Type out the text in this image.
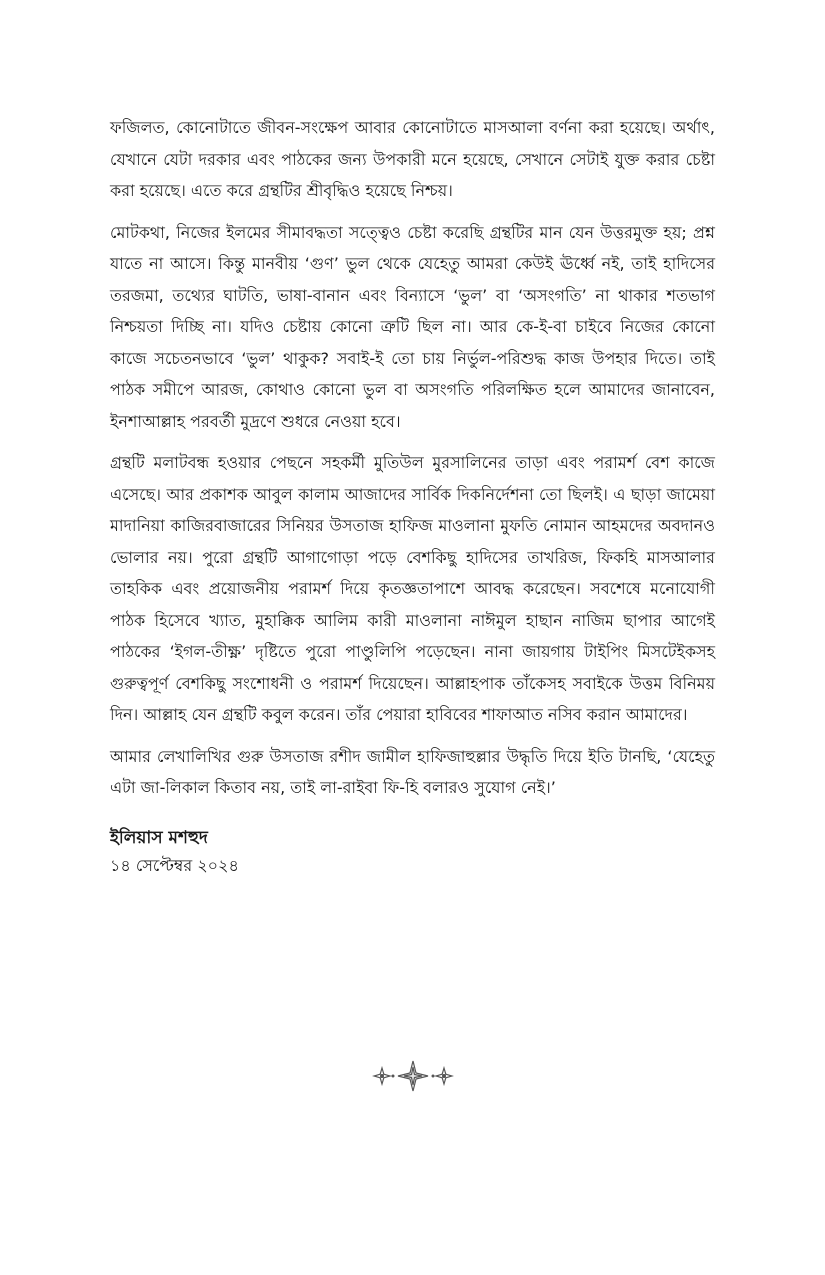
ফজিলত, কোনোটাতে জীবন-সংক্ষেপ আবার কোনোটাতে মাসআলা বর্ণনা করা হয়েছে। অর্থাৎ, যেখানে যেটা দরকার এবং পাঠকের জন্য উপকারী মনে হয়েছে, সেখানে সেটাই যুক্ত করার চেষ্টা করা হয়েছে। এতে করে গ্রন্থটির শ্রীবৃদ্ধিও হয়েছে নিশ্চয়।

মোটকথা, নিজের ইলমের সীমাবদ্ধতা সত্ত্বেও চেষ্টা করেছি গ্রন্থটির মান যেন উত্তরমুক্ত হয়; প্রশ্ন যাতে না আসে। কিন্তু মানবীয় ‘গুণ’ ভুল থেকে যেহেতু আমরা কেউই ঊর্ধ্বে নই, তাই হাদিসের তরজমা, তথ্যের ঘাটতি, ভাষা-বানান এবং বিন্যাসে ‘ভুল’ বা ‘অসংগতি’ না থাকার শতভাগ নিশ্চয়তা দিচ্ছি না। যদিও চেষ্টায় কোনো ত্রুটি ছিল না। আর কে-ই-বা চাইবে নিজের কোনো কাজে সচেতনভাবে ‘ভুল’ থাকুক? সবাই-ই তো চায় নির্ভুল-পরিশুদ্ধ কাজ উপহার দিতে। তাই পাঠক সমীপে আরজ, কোথাও কোনো ভুল বা অসংগতি পরিলক্ষিত হলে আমাদের জানাবেন, ইনশাআল্লাহ পরবর্তী মুদ্রণে শুধরে নেওয়া হবে।

গ্রন্থটি মলাটবন্ধ হওয়ার পেছনে সহকর্মী মুতিউল মুরসালিনের তাড়া এবং পরামর্শ বেশ কাজে এসেছে। আর প্রকাশক আবুল কালাম আজাদের সার্বিক দিকনির্দেশনা তো ছিলই। এ ছাড়া জামেয়া মাদানিয়া কাজিরবাজারের সিনিয়র উসতাজ হাফিজ মাওলানা মুফতি নোমান আহমদের অবদানও ভোলার নয়। পুরো গ্রন্থটি আগাগোড়া পড়ে বেশকিছু হাদিসের তাখরিজ, ফিকহি মাসআলার তাহকিক এবং প্রয়োজনীয় পরামর্শ দিয়ে কৃতজ্ঞতাপাশে আবদ্ধ করেছেন। সবশেষে মনোযোগী পাঠক হিসেবে খ্যাত, মুহাক্কিক আলিম কারী মাওলানা নাঈমুল হাছান নাজিম ছাপার আগেই পাঠকের ‘ইগল-তীক্ষ্ণ’ দৃষ্টিতে পুরো পাণ্ডুলিপি পড়েছেন। নানা জায়গায় টাইপিং মিসটেইকসহ গুরুত্বপূর্ণ বেশকিছু সংশোধনী ও পরামর্শ দিয়েছেন। আল্লাহপাক তাঁকেসহ সবাইকে উত্তম বিনিময় দিন। আল্লাহ যেন গ্রন্থটি কবুল করেন। তাঁর পেয়ারা হাবিবের শাফাআত নসিব করান আমাদের।

আমার লেখালিখির গুরু উসতাজ রশীদ জামীল হাফিজাহুল্লার উদ্ধৃতি দিয়ে ইতি টানছি, ‘যেহেতু এটা জা-লিকাল কিতাব নয়, তাই লা-রাইবা ফি-হি বলারও সুযোগ নেই।’

ইলিয়াস মশহুদ

১৪ সেপ্টেম্বর ২০২৪
